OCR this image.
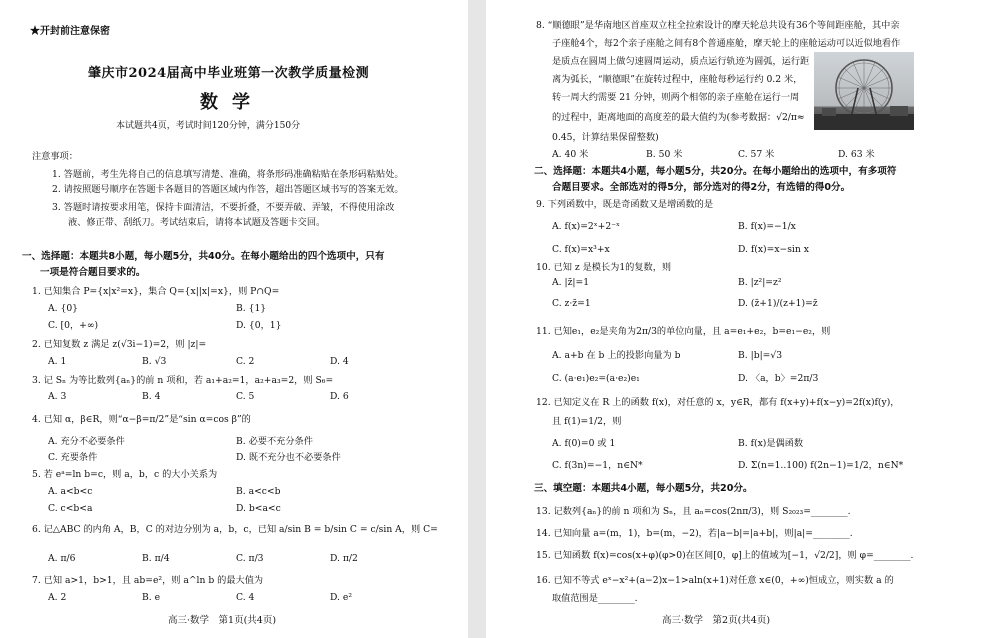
★开封前注意保密
肇庆市2024届高中毕业班第一次教学质量检测
数学
本试题共4页，考试时间120分钟，满分150分
注意事项：
1. 答题前，考生先将自己的信息填写清楚、准确，将条形码准确粘贴在条形码粘贴处。
2. 请按照题号顺序在答题卡各题目的答题区域内作答，超出答题区域书写的答案无效。
3. 答题时请按要求用笔，保持卡面清洁，不要折叠，不要弄破、弄皱，不得使用涂改
液、修正带、刮纸刀。考试结束后，请将本试题及答题卡交回。
一、选择题：本题共8小题，每小题5分，共40分。在每小题给出的四个选项中，只有
一项是符合题目要求的。
1. 已知集合 P={x|x²=x}，集合 Q={x||x|=x}，则 P∩Q=
A. {0}	B. {1}
C. [0，+∞)	D. {0，1}
2. 已知复数 z 满足 z(√3i−1)=2，则 |z|=
A. 1	B. √3	C. 2	D. 4
3. 记 Sₙ 为等比数列{aₙ}的前 n 项和，若 a₁+a₂=1，a₂+a₃=2，则 S₆=
A. 3	B. 4	C. 5	D. 6
4. 已知 α，β∈R，则“α−β=π/2”是“sin α=cos β”的
A. 充分不必要条件	B. 必要不充分条件
C. 充要条件	D. 既不充分也不必要条件
5. 若 eᵃ=ln b=c，则 a，b，c 的大小关系为
A. a<b<c	B. a<c<b
C. c<b<a	D. b<a<c
6. 记△ABC 的内角 A，B，C 的对边分别为 a，b，c，已知 a/sin B = b/sin C = c/sin A，则 C=
A. π/6	B. π/4	C. π/3	D. π/2
7. 已知 a>1，b>1，且 ab=e²，则 a^ln b 的最大值为
A. 2	B. e	C. 4	D. e²
高三·数学　第1页(共4页)
8. “顺德眼”是华南地区首座双立柱全拉索设计的摩天轮总共设有36个等间距座舱，其中亲
子座舱4个，每2个亲子座舱之间有8个普通座舱，摩天轮上的座舱运动可以近似地看作
是质点在圆周上做匀速圆周运动，质点运行轨迹为圆弧，运行距
离为弧长，“顺德眼”在旋转过程中，座舱每秒运行约 0.2 米，
转一周大约需要 21 分钟，则两个相邻的亲子座舱在运行一周
的过程中，距离地面的高度差的最大值约为(参考数据：√2/π≈
0.45，计算结果保留整数)
A. 40 米	B. 50 米	C. 57 米	D. 63 米
二、选择题：本题共4小题，每小题5分，共20分。在每小题给出的选项中，有多项符
合题目要求。全部选对的得5分，部分选对的得2分，有选错的得0分。
9. 下列函数中，既是奇函数又是增函数的是
A. f(x)=2ˣ+2⁻ˣ	B. f(x)=−1/x
C. f(x)=x³+x	D. f(x)=x−sin x
10. 已知 z 是模长为1的复数，则
A. |z̄|=1	B. |z²|=z²
C. z·z̄=1	D. (z̄+1)/(z+1)=z̄
11. 已知e₁，e₂是夹角为2π/3的单位向量，且 a=e₁+e₂，b=e₁−e₂，则
A. a+b 在 b 上的投影向量为 b	B. |b|=√3
C. (a·e₁)e₂=(a·e₂)e₁	D. 〈a，b〉=2π/3
12. 已知定义在 R 上的函数 f(x)，对任意的 x，y∈R，都有 f(x+y)+f(x−y)=2f(x)f(y)，
且 f(1)=1/2，则
A. f(0)=0 或 1	B. f(x)是偶函数
C. f(3n)=−1，n∈N*	D. Σ(n=1..100) f(2n−1)=1/2，n∈N*
三、填空题：本题共4小题，每小题5分，共20分。
13. 记数列{aₙ}的前 n 项和为 Sₙ，且 aₙ=cos(2nπ/3)，则 S₂₀₂₃=________.
14. 已知向量 a=(m，1)，b=(m，−2)，若|a−b|=|a+b|，则|a|=________.
15. 已知函数 f(x)=cos(x+φ)(φ>0)在区间[0，φ]上的值域为[−1，√2/2]，则 φ=________.
16. 已知不等式 eˣ−x²+(a−2)x−1>aln(x+1)对任意 x∈(0，+∞)恒成立，则实数 a 的
取值范围是________.
高三·数学　第2页(共4页)
